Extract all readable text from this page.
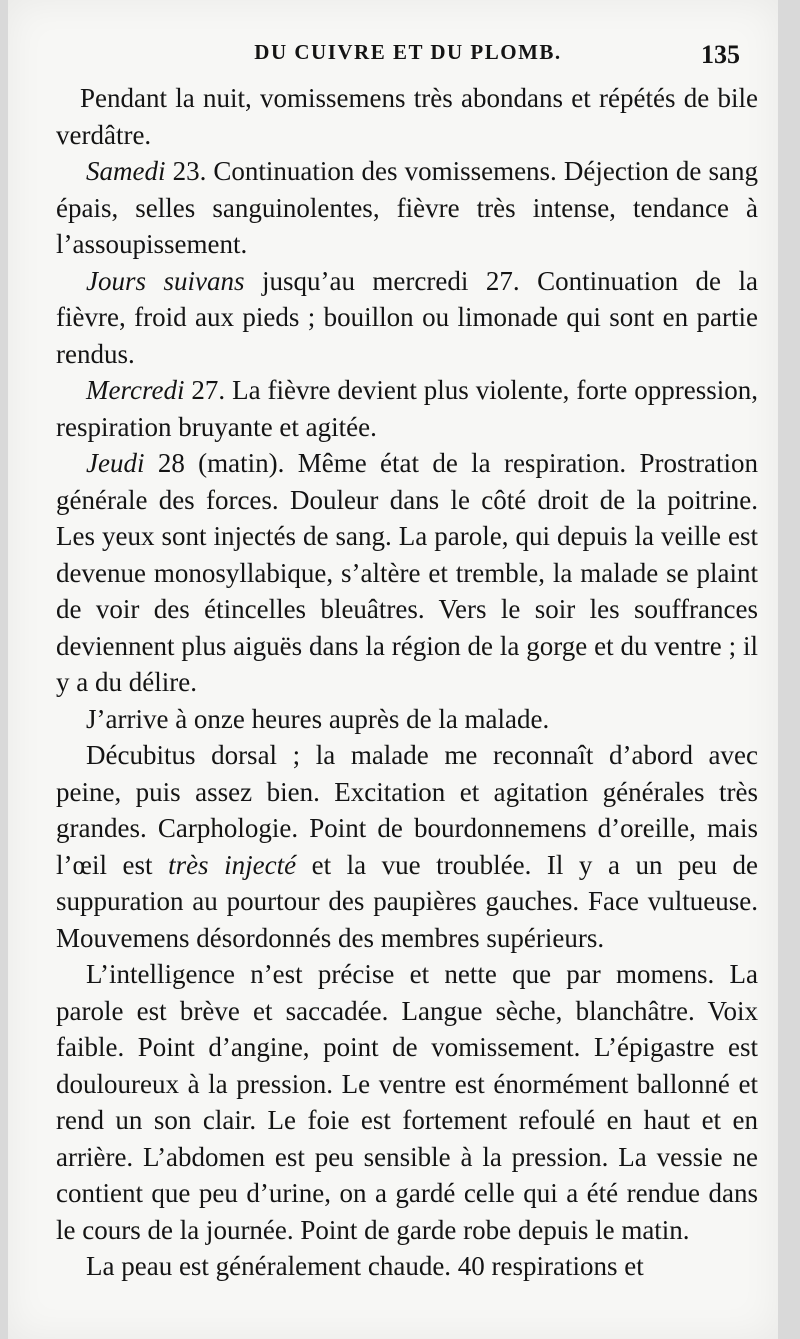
DU CUIVRE ET DU PLOMB.	135

Pendant la nuit, vomissemens très abondans et répétés de bile verdâtre.

Samedi 23. Continuation des vomissemens. Déjection de sang épais, selles sanguinolentes, fièvre très intense, tendance à l’assoupissement.

Jours suivans jusqu’au mercredi 27. Continuation de la fièvre, froid aux pieds ; bouillon ou limonade qui sont en partie rendus.

Mercredi 27. La fièvre devient plus violente, forte oppression, respiration bruyante et agitée.

Jeudi 28 (matin). Même état de la respiration. Prostration générale des forces. Douleur dans le côté droit de la poitrine. Les yeux sont injectés de sang. La parole, qui depuis la veille est devenue monosyllabique, s’altère et tremble, la malade se plaint de voir des étincelles bleuâtres. Vers le soir les souffrances deviennent plus aiguës dans la région de la gorge et du ventre ; il y a du délire.

J’arrive à onze heures auprès de la malade.

Décubitus dorsal ; la malade me reconnaît d’abord avec peine, puis assez bien. Excitation et agitation générales très grandes. Carphologie. Point de bourdonnemens d’oreille, mais l’œil est très injecté et la vue troublée. Il y a un peu de suppuration au pourtour des paupières gauches. Face vultueuse. Mouvemens désordonnés des membres supérieurs.

L’intelligence n’est précise et nette que par momens. La parole est brève et saccadée. Langue sèche, blanchâtre. Voix faible. Point d’angine, point de vomissement. L’épigastre est douloureux à la pression. Le ventre est énormément ballonné et rend un son clair. Le foie est fortement refoulé en haut et en arrière. L’abdomen est peu sensible à la pression. La vessie ne contient que peu d’urine, on a gardé celle qui a été rendue dans le cours de la journée. Point de garde robe depuis le matin.

La peau est généralement chaude. 40 respirations et
